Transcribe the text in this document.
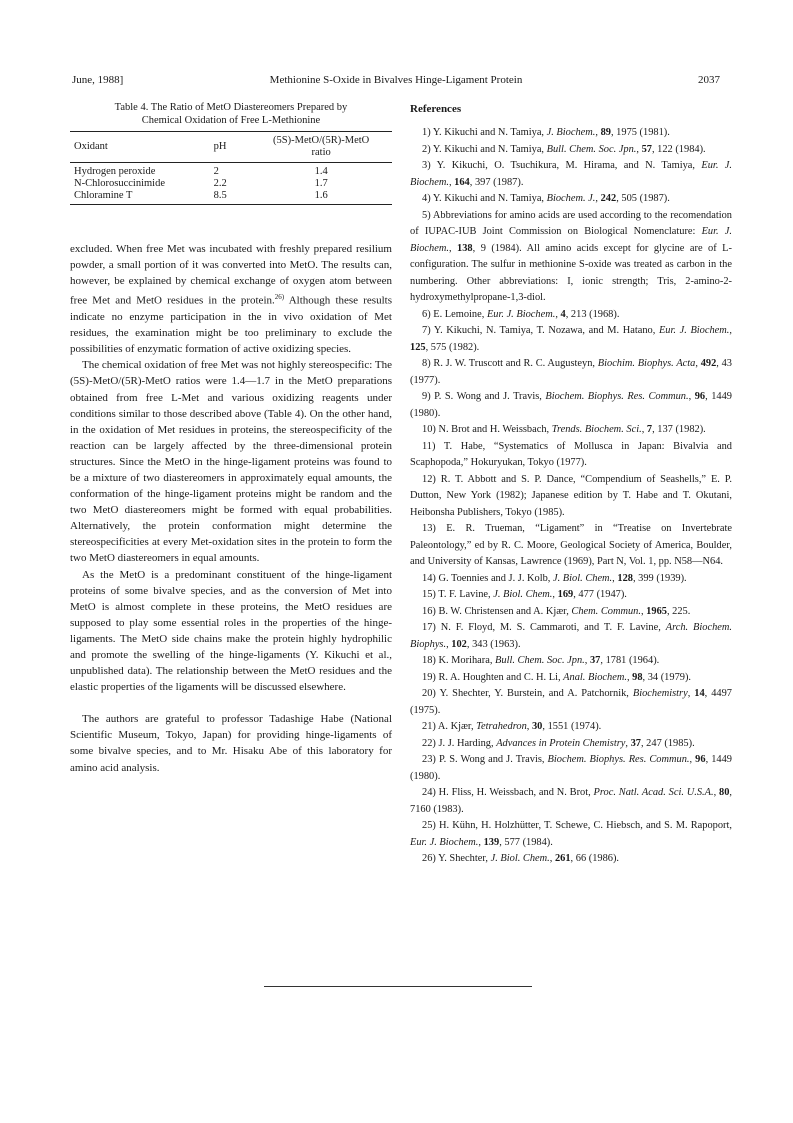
June, 1988]	Methionine S-Oxide in Bivalves Hinge-Ligament Protein	2037
Table 4. The Ratio of MetO Diastereomers Prepared by
Chemical Oxidation of Free L-Methionine
Oxidant	pH	(5S)-MetO/(5R)-MetO ratio
Hydrogen peroxide	2	1.4
N-Chlorosuccinimide	2.2	1.7
Chloramine T	8.5	1.6

excluded. When free Met was incubated with freshly prepared resilium powder, a small portion of it was converted into MetO. The results can, however, be explained by chemical exchange of oxygen atom between free Met and MetO residues in the protein.$^{26)}$ Although these results indicate no enzyme participation in the in vivo oxidation of Met residues, the examination might be too preliminary to exclude the possibilities of enzymatic formation of active oxidizing species.

The chemical oxidation of free Met was not highly stereospecific: The (5S)-MetO/(5R)-MetO ratios were 1.4—1.7 in the MetO preparations obtained from free L-Met and various oxidizing reagents under conditions similar to those described above (Table 4). On the other hand, in the oxidation of Met residues in proteins, the stereospecificity of the reaction can be largely affected by the three-dimensional protein structures. Since the MetO in the hinge-ligament proteins was found to be a mixture of two diastereomers in approximately equal amounts, the conformation of the hinge-ligament proteins might be random and the two MetO diastereomers might be formed with equal probabilities. Alternatively, the protein conformation might determine the stereospecificities at every Met-oxidation sites in the protein to form the two MetO diastereomers in equal amounts.

As the MetO is a predominant constituent of the hinge-ligament proteins of some bivalve species, and as the conversion of Met into MetO is almost complete in these proteins, the MetO residues are supposed to play some essential roles in the properties of the hinge-ligaments. The MetO side chains make the protein highly hydrophilic and promote the swelling of the hinge-ligaments (Y. Kikuchi et al., unpublished data). The relationship between the MetO residues and the elastic properties of the ligaments will be discussed elsewhere.

The authors are grateful to professor Tadashige Habe (National Scientific Museum, Tokyo, Japan) for providing hinge-ligaments of some bivalve species, and to Mr. Hisaku Abe of this laboratory for amino acid analysis.

References
1) Y. Kikuchi and N. Tamiya, J. Biochem., 89, 1975 (1981).
2) Y. Kikuchi and N. Tamiya, Bull. Chem. Soc. Jpn., 57, 122 (1984).
3) Y. Kikuchi, O. Tsuchikura, M. Hirama, and N. Tamiya, Eur. J. Biochem., 164, 397 (1987).
4) Y. Kikuchi and N. Tamiya, Biochem. J., 242, 505 (1987).
5) Abbreviations for amino acids are used according to the recomendation of IUPAC-IUB Joint Commission on Biological Nomenclature: Eur. J. Biochem., 138, 9 (1984). All amino acids except for glycine are of L-configuration. The sulfur in methionine S-oxide was treated as carbon in the numbering. Other abbreviations: I, ionic strength; Tris, 2-amino-2-hydroxymethylpropane-1,3-diol.
6) E. Lemoine, Eur. J. Biochem., 4, 213 (1968).
7) Y. Kikuchi, N. Tamiya, T. Nozawa, and M. Hatano, Eur. J. Biochem., 125, 575 (1982).
8) R. J. W. Truscott and R. C. Augusteyn, Biochim. Biophys. Acta, 492, 43 (1977).
9) P. S. Wong and J. Travis, Biochem. Biophys. Res. Commun., 96, 1449 (1980).
10) N. Brot and H. Weissbach, Trends. Biochem. Sci., 7, 137 (1982).
11) T. Habe, “Systematics of Mollusca in Japan: Bivalvia and Scaphopoda,” Hokuryukan, Tokyo (1977).
12) R. T. Abbott and S. P. Dance, “Compendium of Seashells,” E. P. Dutton, New York (1982); Japanese edition by T. Habe and T. Okutani, Heibonsha Publishers, Tokyo (1985).
13) E. R. Trueman, “Ligament” in “Treatise on Invertebrate Paleontology,” ed by R. C. Moore, Geological Society of America, Boulder, and University of Kansas, Lawrence (1969), Part N, Vol. 1, pp. N58—N64.
14) G. Toennies and J. J. Kolb, J. Biol. Chem., 128, 399 (1939).
15) T. F. Lavine, J. Biol. Chem., 169, 477 (1947).
16) B. W. Christensen and A. Kjær, Chem. Commun., 1965, 225.
17) N. F. Floyd, M. S. Cammaroti, and T. F. Lavine, Arch. Biochem. Biophys., 102, 343 (1963).
18) K. Morihara, Bull. Chem. Soc. Jpn., 37, 1781 (1964).
19) R. A. Houghten and C. H. Li, Anal. Biochem., 98, 34 (1979).
20) Y. Shechter, Y. Burstein, and A. Patchornik, Biochemistry, 14, 4497 (1975).
21) A. Kjær, Tetrahedron, 30, 1551 (1974).
22) J. J. Harding, Advances in Protein Chemistry, 37, 247 (1985).
23) P. S. Wong and J. Travis, Biochem. Biophys. Res. Commun., 96, 1449 (1980).
24) H. Fliss, H. Weissbach, and N. Brot, Proc. Natl. Acad. Sci. U.S.A., 80, 7160 (1983).
25) H. Kühn, H. Holzhütter, T. Schewe, C. Hiebsch, and S. M. Rapoport, Eur. J. Biochem., 139, 577 (1984).
26) Y. Shechter, J. Biol. Chem., 261, 66 (1986).
